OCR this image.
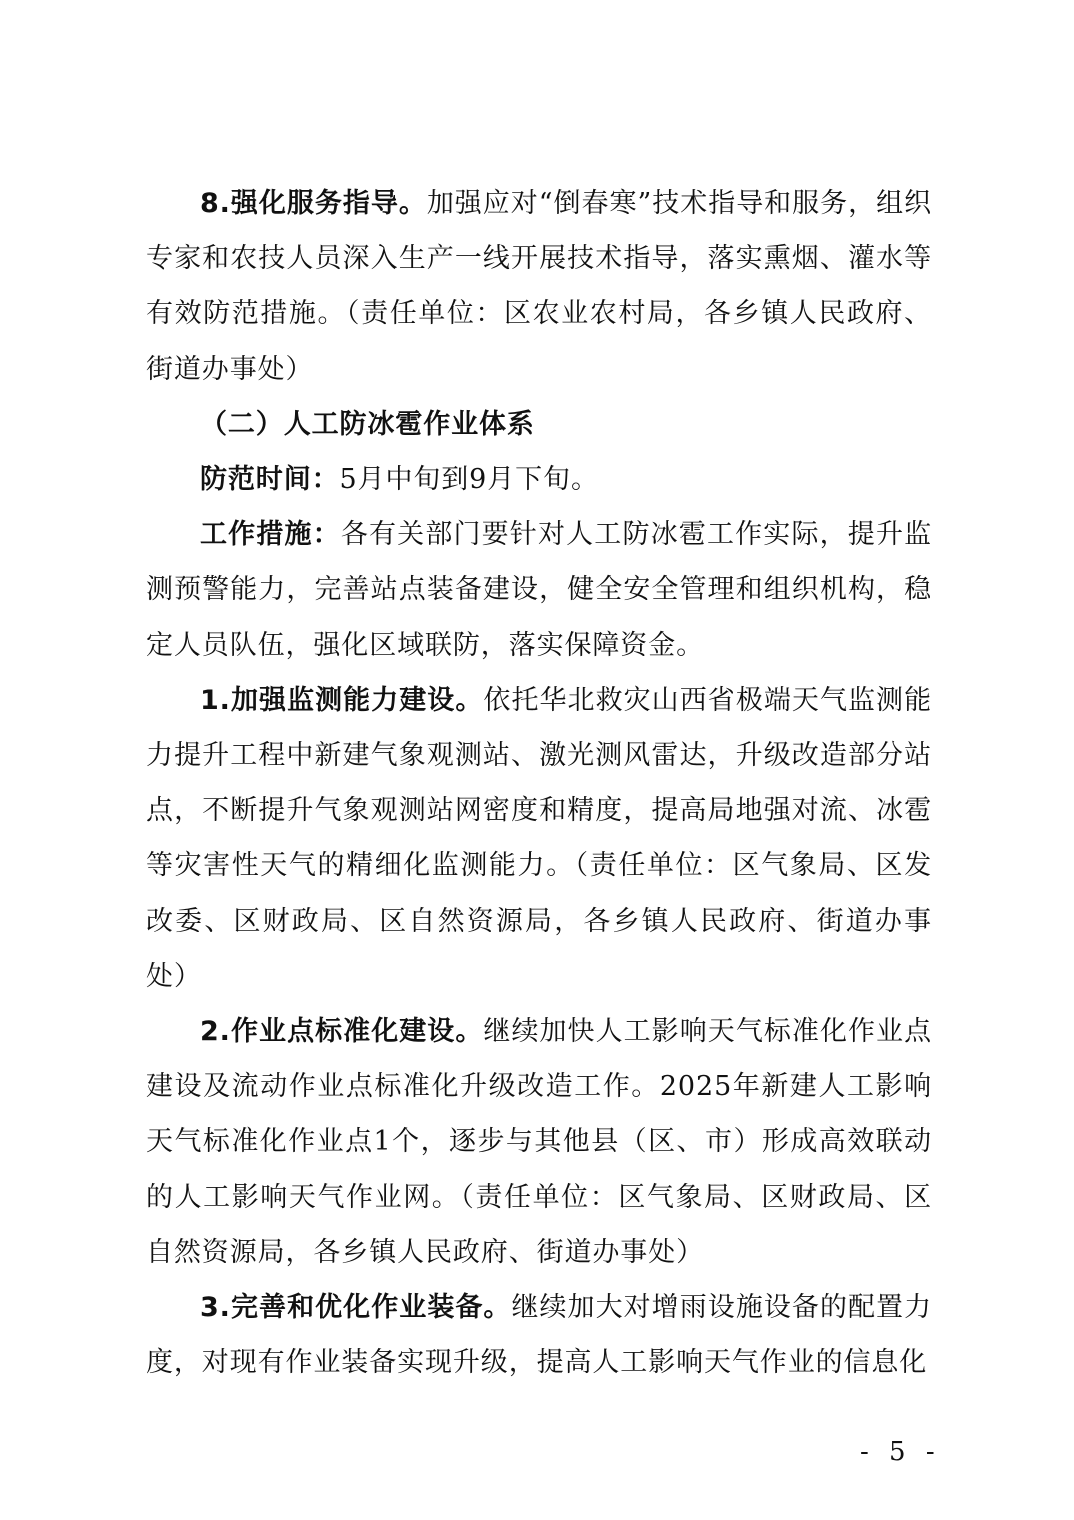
8.强化服务指导。加强应对“倒春寒”技术指导和服务，组织专家和农技人员深入生产一线开展技术指导，落实熏烟、灌水等有效防范措施。（责任单位：区农业农村局，各乡镇人民政府、街道办事处）

（二）人工防冰雹作业体系

防范时间：5月中旬到9月下旬。

工作措施：各有关部门要针对人工防冰雹工作实际，提升监测预警能力，完善站点装备建设，健全安全管理和组织机构，稳定人员队伍，强化区域联防，落实保障资金。

1.加强监测能力建设。依托华北救灾山西省极端天气监测能力提升工程中新建气象观测站、激光测风雷达，升级改造部分站点，不断提升气象观测站网密度和精度，提高局地强对流、冰雹等灾害性天气的精细化监测能力。（责任单位：区气象局、区发改委、区财政局、区自然资源局，各乡镇人民政府、街道办事处）

2.作业点标准化建设。继续加快人工影响天气标准化作业点建设及流动作业点标准化升级改造工作。2025年新建人工影响天气标准化作业点1个，逐步与其他县（区、市）形成高效联动的人工影响天气作业网。（责任单位：区气象局、区财政局、区自然资源局，各乡镇人民政府、街道办事处）

3.完善和优化作业装备。继续加大对增雨设施设备的配置力度，对现有作业装备实现升级，提高人工影响天气作业的信息化

- 5 -
